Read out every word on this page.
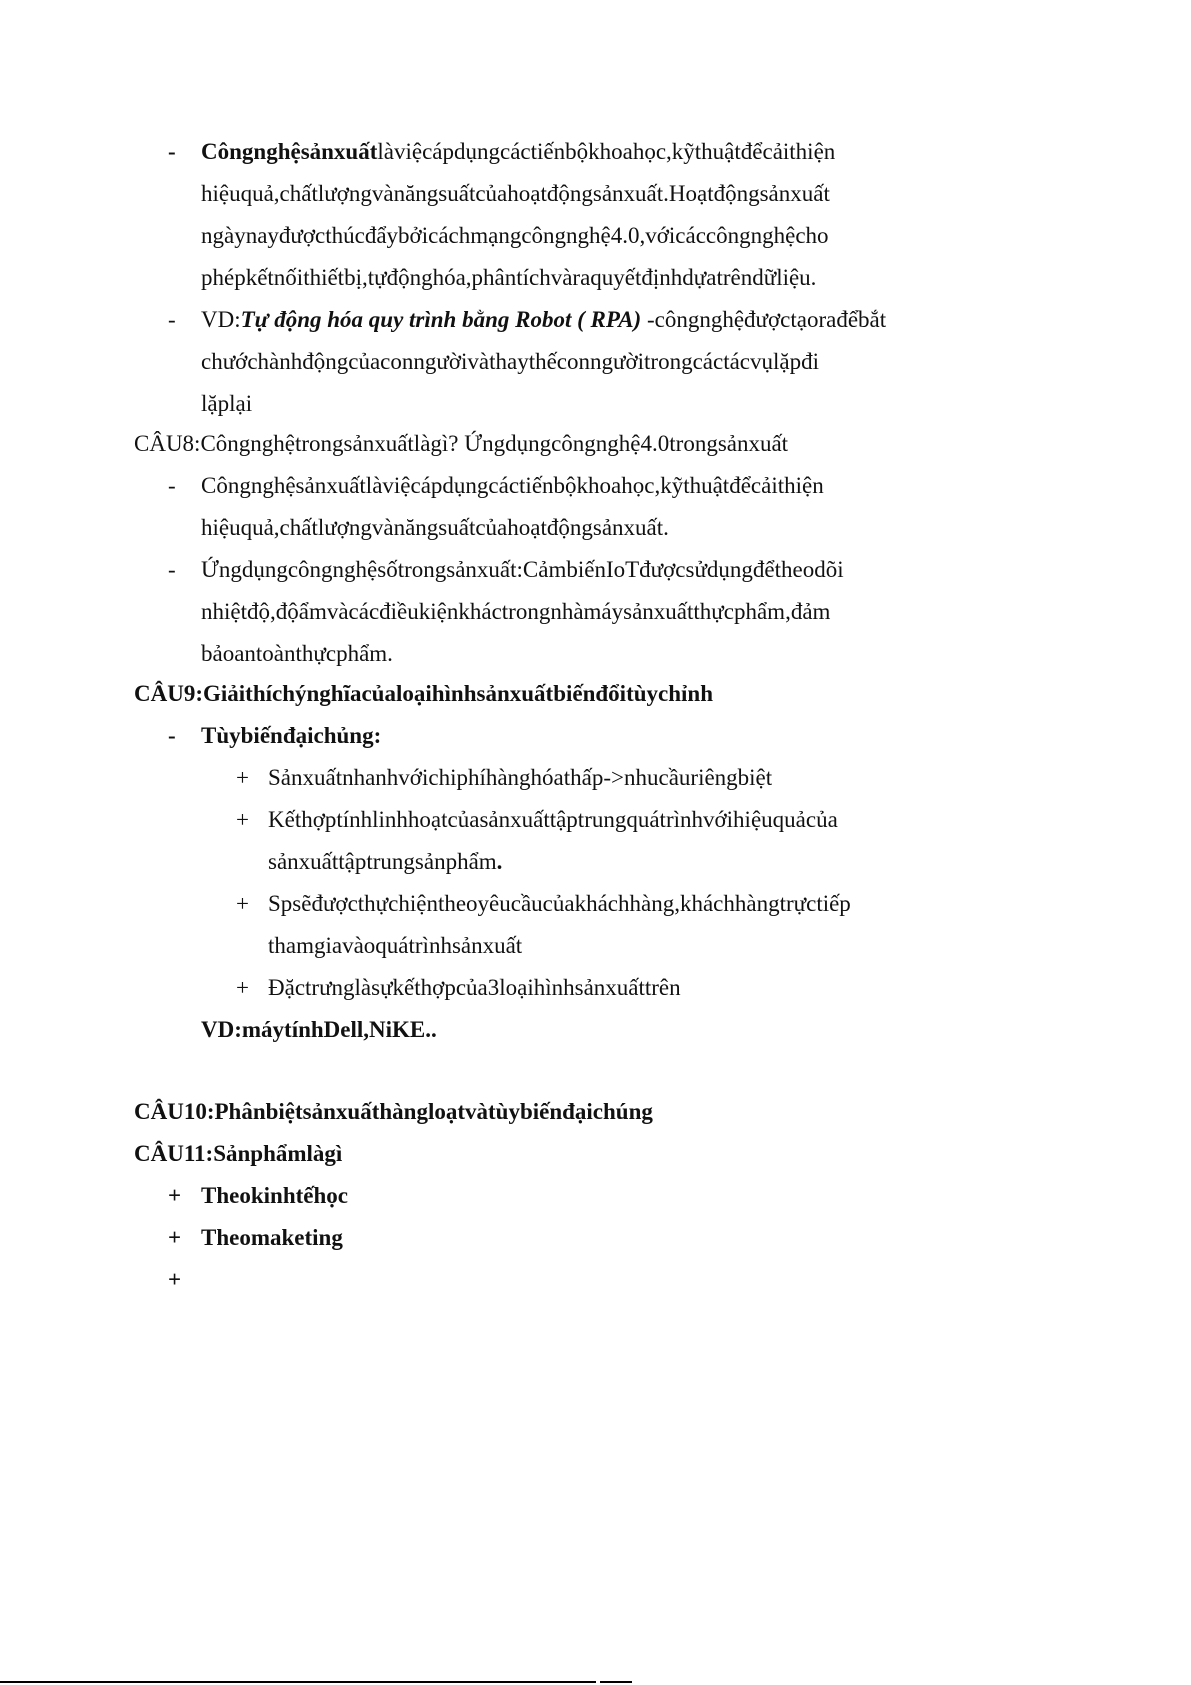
- Côngnghệsảnxuấtlàviệcápdụngcáctiếnbộkhoahọc,kỹthuậtđểcảithiện
hiệuquả,chấtlượngvànăngsuấtcủahoạtđộngsảnxuất.Hoạtđộngsảnxuất
ngàynayđượcthúcđẩybởicáchmạngcôngnghệ4.0,vớicáccôngnghệcho
phépkếtnốithiếtbị,tựđộnghóa,phântíchvàraquyếtđịnhdựatrêndữliệu.
- VD:Tự động hóa quy trình bằng Robot ( RPA) -côngnghệđượctạorađểbắt
chướchànhđộngcủaconngườivàthaythếconngườitrongcáctácvụlặpđi
lặplại
CÂU8:Côngnghệtrongsảnxuấtlàgì? Ứngdụngcôngnghệ4.0trongsảnxuất
- Côngnghệsảnxuấtlàviệcápdụngcáctiếnbộkhoahọc,kỹthuậtđểcảithiện
hiệuquả,chấtlượngvànăngsuấtcủahoạtđộngsảnxuất.
- Ứngdụngcôngnghệsốtrongsảnxuất:CảmbiếnIoTđượcsửdụngđểtheodõi
nhiệtđộ,độẩmvàcácđiềukiệnkháctrongnhàmáysảnxuấtthựcphẩm,đảm
bảoantoànthựcphẩm.
CÂU9:Giảithíchýnghĩacủaloạihìnhsảnxuấtbiếnđổitùychỉnh
- Tùybiếnđạichủng:
+ Sảnxuấtnhanhvớichiphíhànghóathấp->nhucầuriêngbiệt
+ Kếthợptínhlinhhoạtcủasảnxuấttậptrungquátrìnhvớihiệuquảcủa
sảnxuấttậptrungsảnphẩm.
+ Spsẽđượcthựchiệntheoyêucầucủakháchhàng,kháchhàngtrựctiếp
thamgiavàoquátrìnhsảnxuất
+ Đặctrưnglàsựkếthợpcủa3loạihìnhsảnxuấttrên
VD:máytínhDell,NiKE..
CÂU10:Phânbiệtsảnxuấthàngloạtvàtùybiếnđạichúng
CÂU11:Sảnphẩmlàgì
+ Theokinhtếhọc
+ Theomaketing
+
